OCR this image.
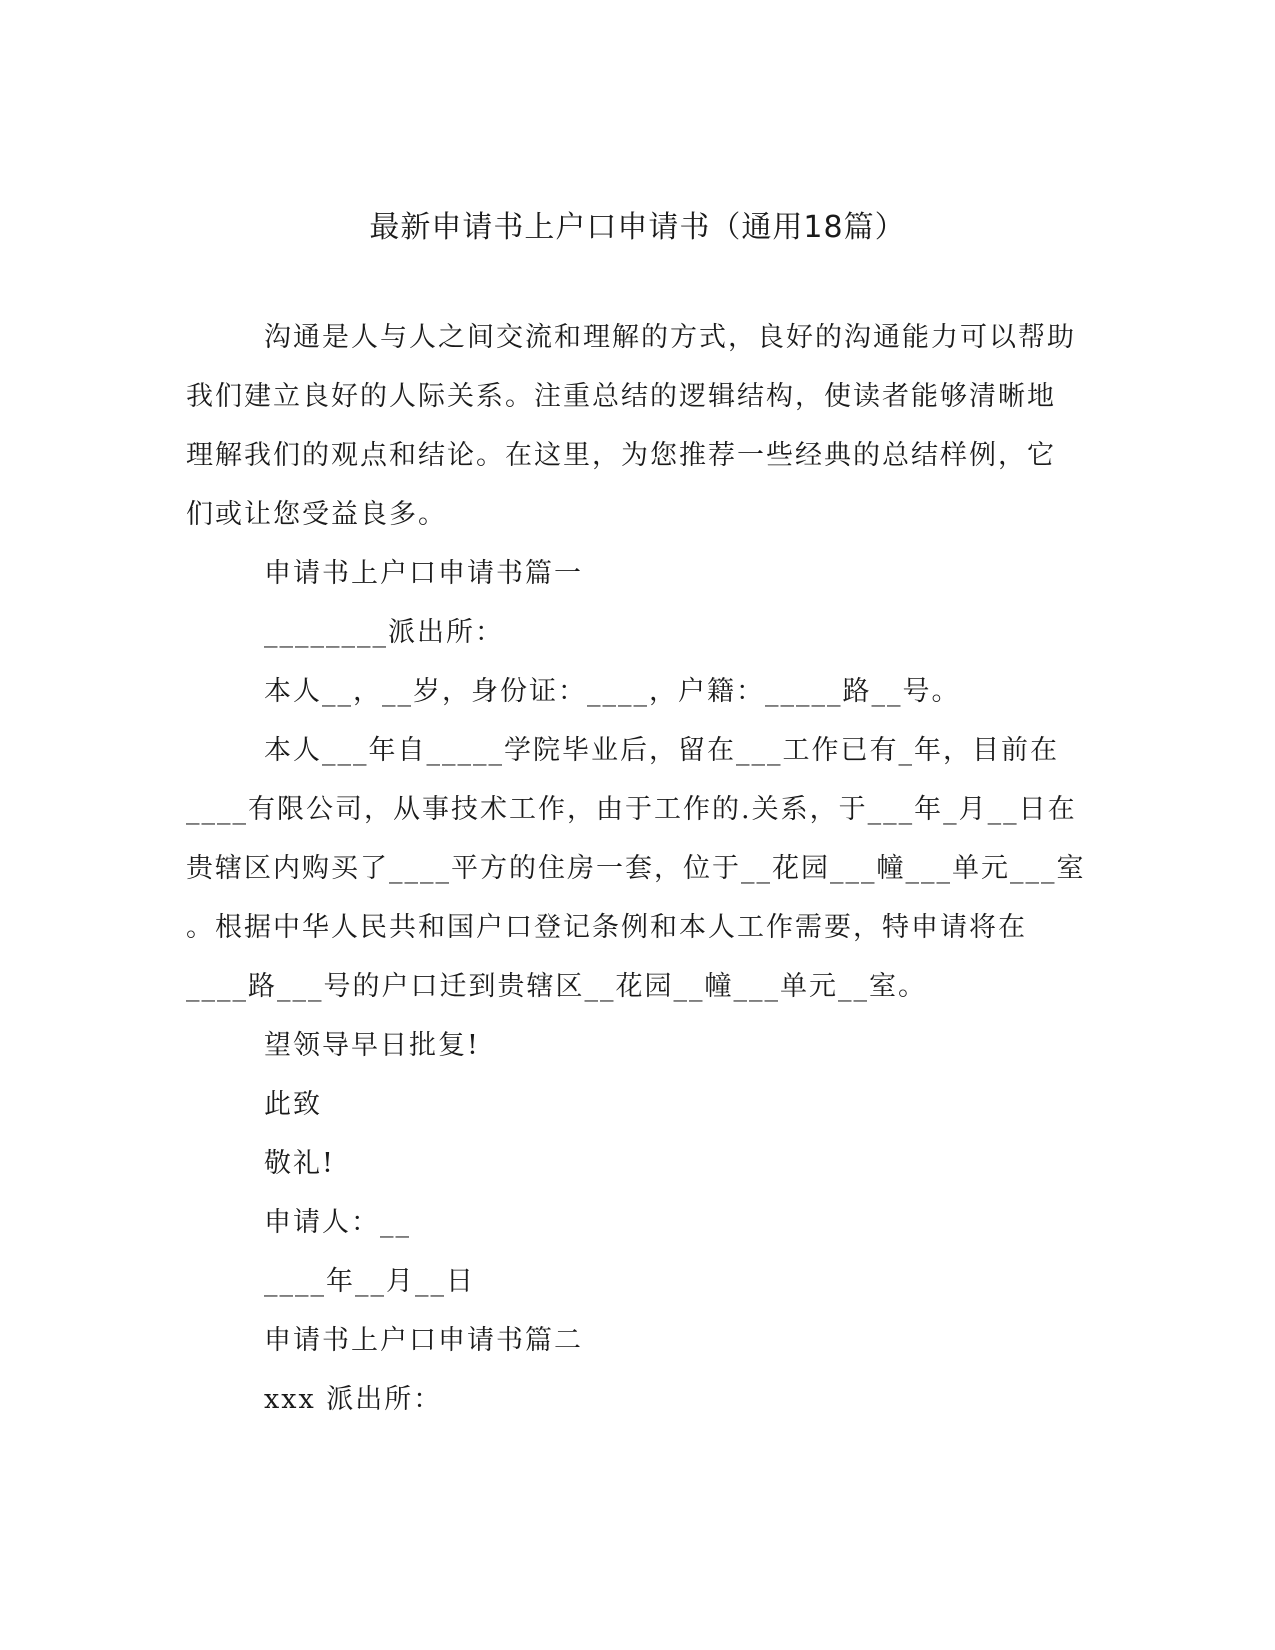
最新申请书上户口申请书（通用18篇）
沟通是人与人之间交流和理解的方式，良好的沟通能力可以帮助
我们建立良好的人际关系。注重总结的逻辑结构，使读者能够清晰地
理解我们的观点和结论。在这里，为您推荐一些经典的总结样例，它
们或让您受益良多。
申请书上户口申请书篇一
________派出所：
本人__，__岁，身份证：____，户籍：_____路__号。
本人___年自_____学院毕业后，留在___工作已有_年，目前在
____有限公司，从事技术工作，由于工作的.关系，于___年_月__日在
贵辖区内购买了____平方的住房一套，位于__花园___幢___单元___室
。根据中华人民共和国户口登记条例和本人工作需要，特申请将在
____路___号的户口迁到贵辖区__花园__幢___单元__室。
望领导早日批复!
此致
敬礼!
申请人：__
____年__月__日
申请书上户口申请书篇二
xxx 派出所：
